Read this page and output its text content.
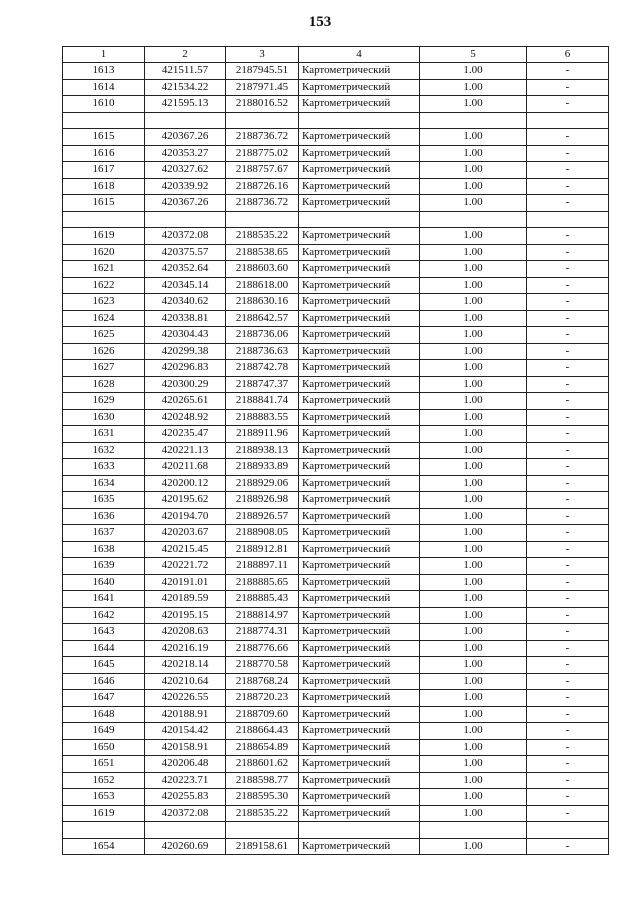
153
1	2	3	4	5	6
1613	421511.57	2187945.51	Картометрический	1.00	-
1614	421534.22	2187971.45	Картометрический	1.00	-
1610	421595.13	2188016.52	Картометрический	1.00	-

1615	420367.26	2188736.72	Картометрический	1.00	-
1616	420353.27	2188775.02	Картометрический	1.00	-
1617	420327.62	2188757.67	Картометрический	1.00	-
1618	420339.92	2188726.16	Картометрический	1.00	-
1615	420367.26	2188736.72	Картометрический	1.00	-

1619	420372.08	2188535.22	Картометрический	1.00	-
1620	420375.57	2188538.65	Картометрический	1.00	-
1621	420352.64	2188603.60	Картометрический	1.00	-
1622	420345.14	2188618.00	Картометрический	1.00	-
1623	420340.62	2188630.16	Картометрический	1.00	-
1624	420338.81	2188642.57	Картометрический	1.00	-
1625	420304.43	2188736.06	Картометрический	1.00	-
1626	420299.38	2188736.63	Картометрический	1.00	-
1627	420296.83	2188742.78	Картометрический	1.00	-
1628	420300.29	2188747.37	Картометрический	1.00	-
1629	420265.61	2188841.74	Картометрический	1.00	-
1630	420248.92	2188883.55	Картометрический	1.00	-
1631	420235.47	2188911.96	Картометрический	1.00	-
1632	420221.13	2188938.13	Картометрический	1.00	-
1633	420211.68	2188933.89	Картометрический	1.00	-
1634	420200.12	2188929.06	Картометрический	1.00	-
1635	420195.62	2188926.98	Картометрический	1.00	-
1636	420194.70	2188926.57	Картометрический	1.00	-
1637	420203.67	2188908.05	Картометрический	1.00	-
1638	420215.45	2188912.81	Картометрический	1.00	-
1639	420221.72	2188897.11	Картометрический	1.00	-
1640	420191.01	2188885.65	Картометрический	1.00	-
1641	420189.59	2188885.43	Картометрический	1.00	-
1642	420195.15	2188814.97	Картометрический	1.00	-
1643	420208.63	2188774.31	Картометрический	1.00	-
1644	420216.19	2188776.66	Картометрический	1.00	-
1645	420218.14	2188770.58	Картометрический	1.00	-
1646	420210.64	2188768.24	Картометрический	1.00	-
1647	420226.55	2188720.23	Картометрический	1.00	-
1648	420188.91	2188709.60	Картометрический	1.00	-
1649	420154.42	2188664.43	Картометрический	1.00	-
1650	420158.91	2188654.89	Картометрический	1.00	-
1651	420206.48	2188601.62	Картометрический	1.00	-
1652	420223.71	2188598.77	Картометрический	1.00	-
1653	420255.83	2188595.30	Картометрический	1.00	-
1619	420372.08	2188535.22	Картометрический	1.00	-

1654	420260.69	2189158.61	Картометрический	1.00	-
